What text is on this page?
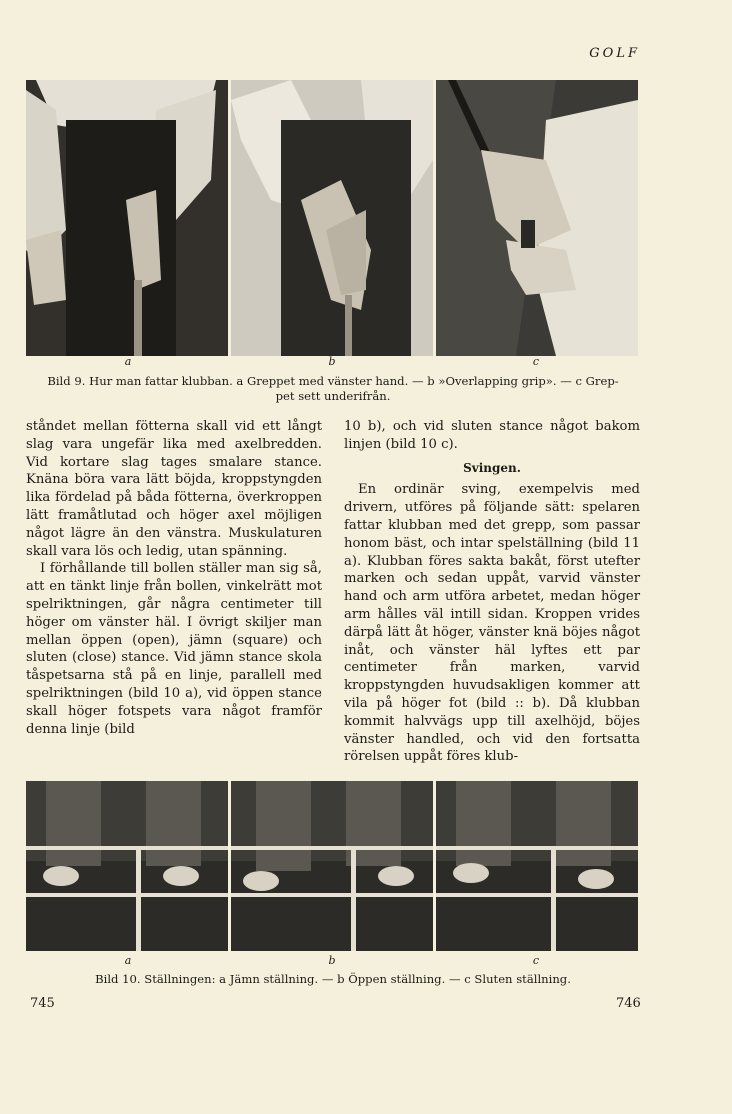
GOLF
a	b	c
Bild 9. Hur man fattar klubban. a Greppet med vänster hand. — b »Overlapping grip». — c Grep-
pet sett underifrån.

ståndet mellan fötterna skall vid ett långt slag vara ungefär lika med axelbredden. Vid kortare slag tages smalare stance. Knäna böra vara lätt böjda, kroppstyngden lika fördelad på båda fötterna, överkroppen lätt framåtlutad och höger axel möjligen något lägre än den vänstra. Muskulaturen skall vara lös och ledig, utan spänning.

I förhållande till bollen ställer man sig så, att en tänkt linje från bollen, vinkelrätt mot spelriktningen, går några centimeter till höger om vänster häl. I övrigt skiljer man mellan öppen (open), jämn (square) och sluten (close) stance. Vid jämn stance skola tåspetsarna stå på en linje, parallell med spelriktningen (bild 10 a), vid öppen stance skall höger fotspets vara något framför denna linje (bild

10 b), och vid sluten stance något bakom linjen (bild 10 c).

Svingen.

En ordinär sving, exempelvis med drivern, utföres på följande sätt: spelaren fattar klubban med det grepp, som passar honom bäst, och intar spelställning (bild 11 a). Klubban föres sakta bakåt, först utefter marken och sedan uppåt, varvid vänster hand och arm utföra arbetet, medan höger arm hålles väl intill sidan. Kroppen vrides därpå lätt åt höger, vänster knä böjes något inåt, och vänster häl lyftes ett par centimeter från marken, varvid kroppstyngden huvudsakligen kommer att vila på höger fot (bild :: b). Då klubban kommit halvvägs upp till axelhöjd, böjes vänster handled, och vid den fortsatta rörelsen uppåt föres klub-

a	b	c
Bild 10. Ställningen: a Jämn ställning. — b Öppen ställning. — c Sluten ställning.
745	746
